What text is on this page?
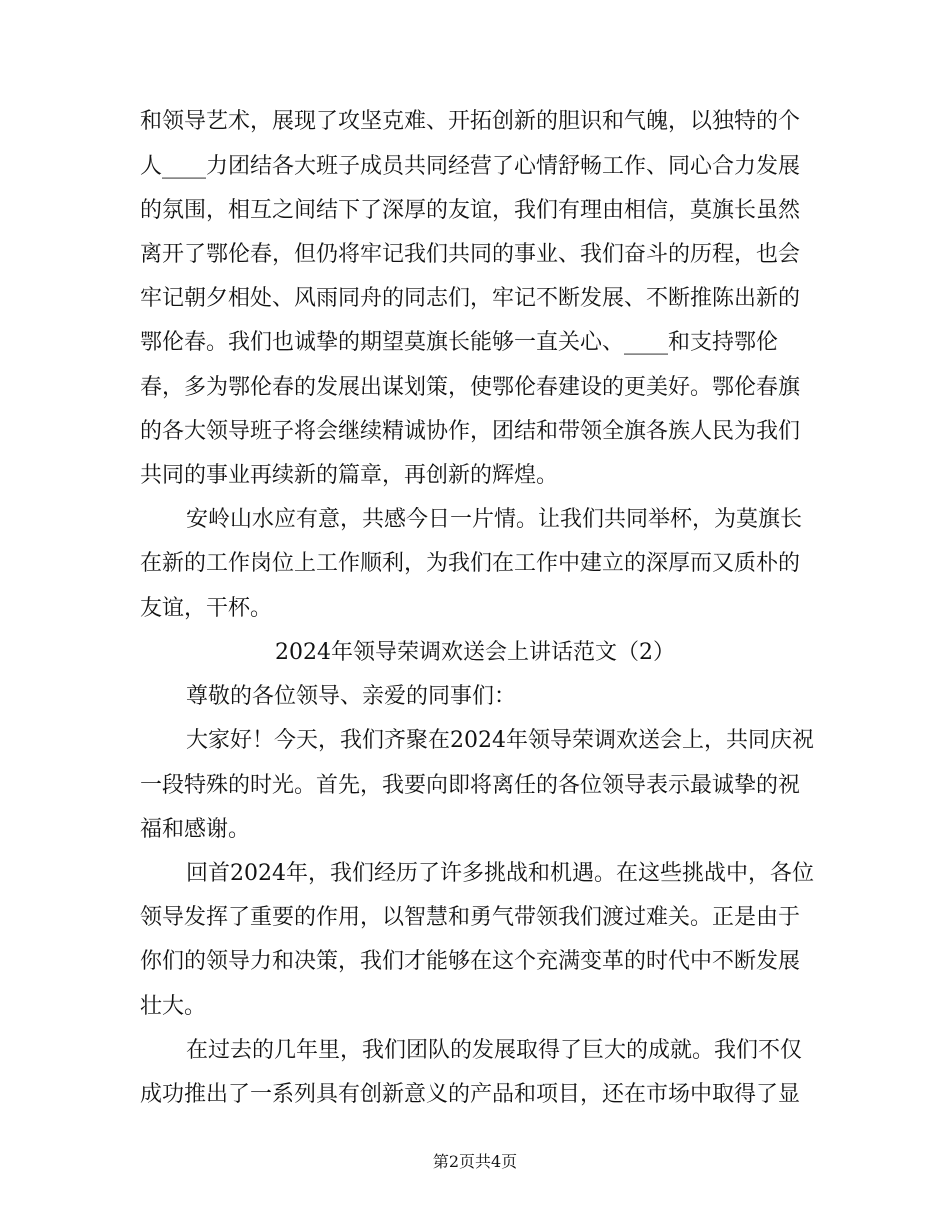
和领导艺术，展现了攻坚克难、开拓创新的胆识和气魄，以独特的个
人____力团结各大班子成员共同经营了心情舒畅工作、同心合力发展
的氛围，相互之间结下了深厚的友谊，我们有理由相信，莫旗长虽然
离开了鄂伦春，但仍将牢记我们共同的事业、我们奋斗的历程，也会
牢记朝夕相处、风雨同舟的同志们，牢记不断发展、不断推陈出新的
鄂伦春。我们也诚挚的期望莫旗长能够一直关心、____和支持鄂伦
春，多为鄂伦春的发展出谋划策，使鄂伦春建设的更美好。鄂伦春旗
的各大领导班子将会继续精诚协作，团结和带领全旗各族人民为我们
共同的事业再续新的篇章，再创新的辉煌。
安岭山水应有意，共感今日一片情。让我们共同举杯，为莫旗长
在新的工作岗位上工作顺利，为我们在工作中建立的深厚而又质朴的
友谊，干杯。
2024年领导荣调欢送会上讲话范文（2）
尊敬的各位领导、亲爱的同事们：
大家好！今天，我们齐聚在2024年领导荣调欢送会上，共同庆祝
一段特殊的时光。首先，我要向即将离任的各位领导表示最诚挚的祝
福和感谢。
回首2024年，我们经历了许多挑战和机遇。在这些挑战中，各位
领导发挥了重要的作用，以智慧和勇气带领我们渡过难关。正是由于
你们的领导力和决策，我们才能够在这个充满变革的时代中不断发展
壮大。
在过去的几年里，我们团队的发展取得了巨大的成就。我们不仅
成功推出了一系列具有创新意义的产品和项目，还在市场中取得了显
第2页共4页
